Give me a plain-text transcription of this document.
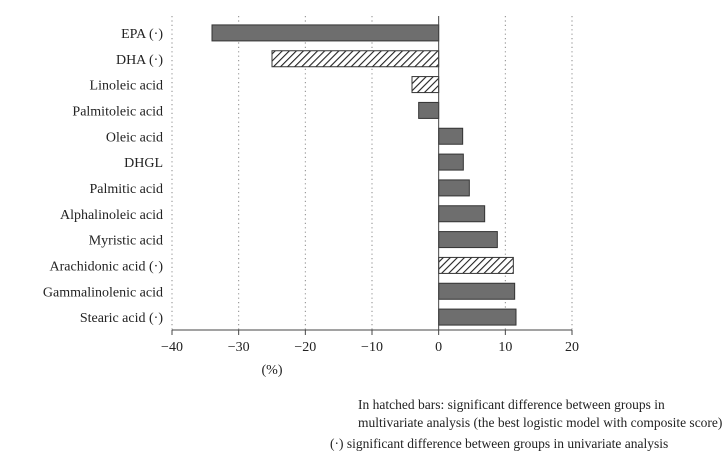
EPA (·)
DHA (·)
Linoleic acid
Palmitoleic acid
Oleic acid
DHGL
Palmitic acid
Alphalinoleic acid
Myristic acid
Arachidonic acid (·)
Gammalinolenic acid
Stearic acid (·)
−40	−30	−20	−10	0	10	20
(%)
In hatched bars: significant difference between groups in
multivariate analysis (the best logistic model with composite score)
(·) significant difference between groups in univariate analysis
